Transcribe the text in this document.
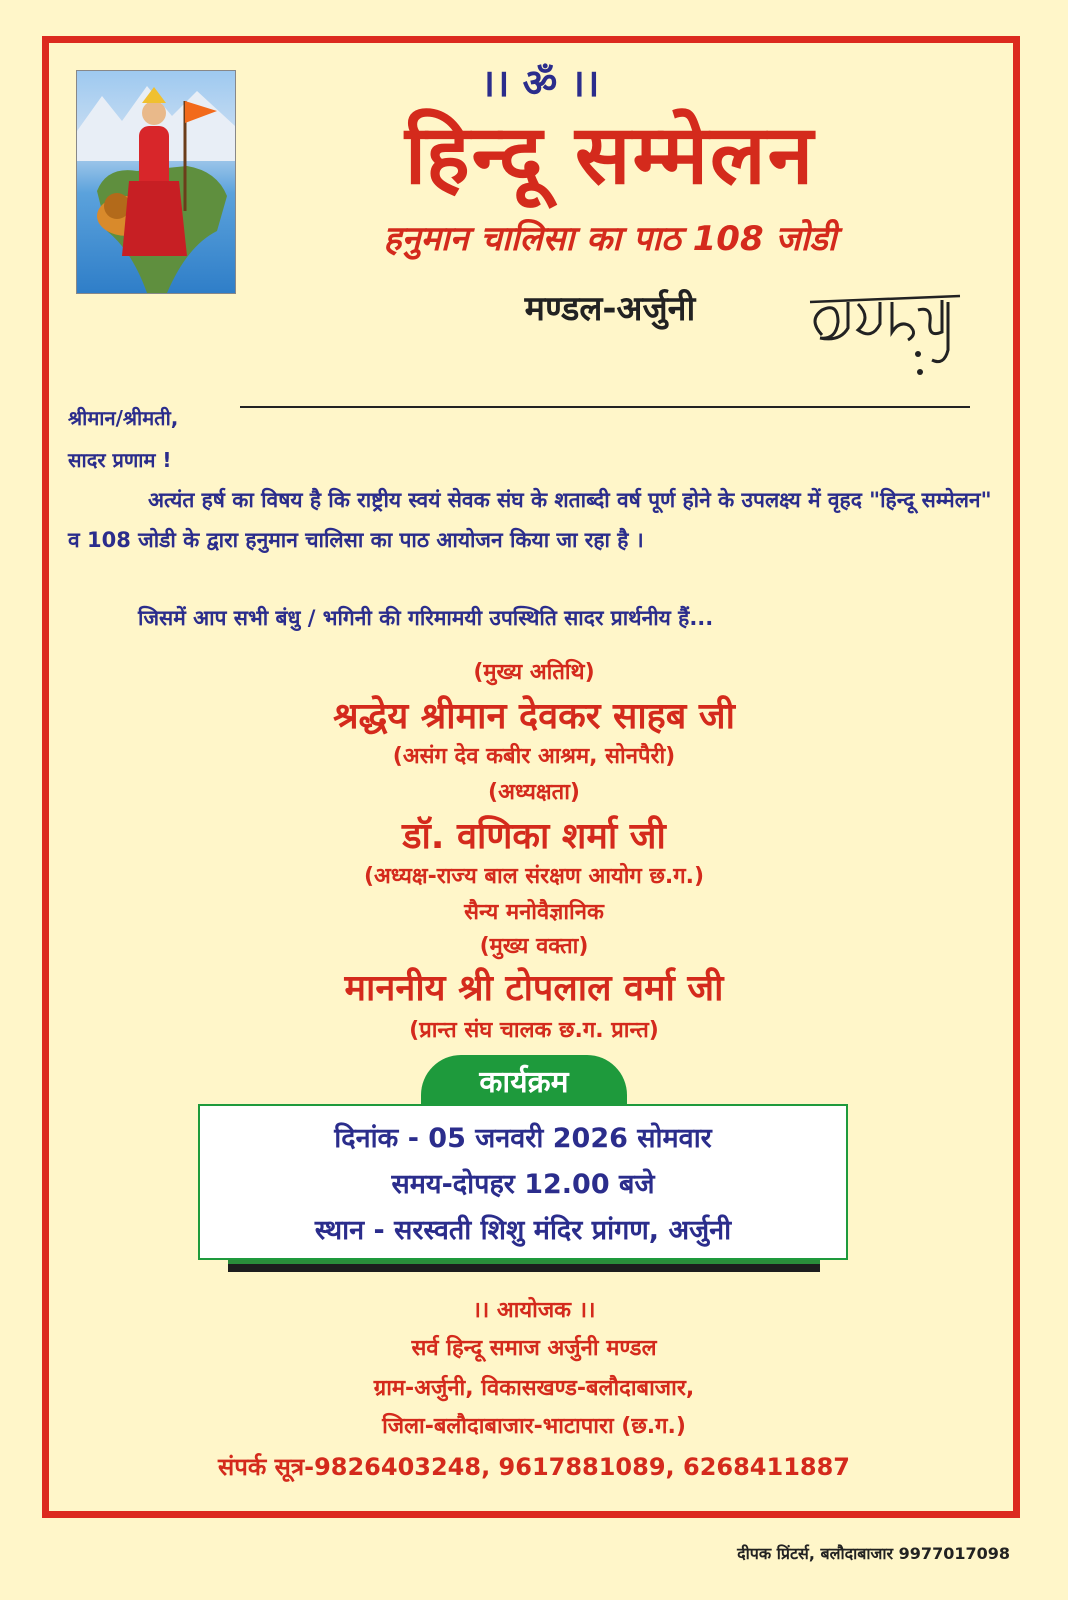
।। ॐ ।।
हिन्दू सम्मेलन
हनुमान चालिसा का पाठ 108 जोडी
मण्डल-अर्जुनी
श्रीमान/श्रीमती,
सादर प्रणाम !
अत्यंत हर्ष का विषय है कि राष्ट्रीय स्वयं सेवक संघ के शताब्दी वर्ष पूर्ण होने के उपलक्ष्य में वृहद "हिन्दू सम्मेलन" व 108 जोडी के द्वारा हनुमान चालिसा का पाठ आयोजन किया जा रहा है ।
जिसमें आप सभी बंधु / भगिनी की गरिमामयी उपस्थिति सादर प्रार्थनीय हैं...
(मुख्य अतिथि)
श्रद्धेय श्रीमान देवकर साहब जी
(असंग देव कबीर आश्रम, सोनपैरी)
(अध्यक्षता)
डॉ. वणिका शर्मा जी
(अध्यक्ष-राज्य बाल संरक्षण आयोग छ.ग.)
सैन्य मनोवैज्ञानिक
(मुख्य वक्ता)
माननीय श्री टोपलाल वर्मा जी
(प्रान्त संघ चालक छ.ग. प्रान्त)
कार्यक्रम
दिनांक - 05 जनवरी 2026 सोमवार
समय-दोपहर 12.00 बजे
स्थान - सरस्वती शिशु मंदिर प्रांगण, अर्जुनी
।। आयोजक ।।
सर्व हिन्दू समाज अर्जुनी मण्डल
ग्राम-अर्जुनी, विकासखण्ड-बलौदाबाजार,
जिला-बलौदाबाजार-भाटापारा (छ.ग.)
संपर्क सूत्र-9826403248, 9617881089, 6268411887
दीपक प्रिंटर्स, बलौदाबाजार 9977017098
